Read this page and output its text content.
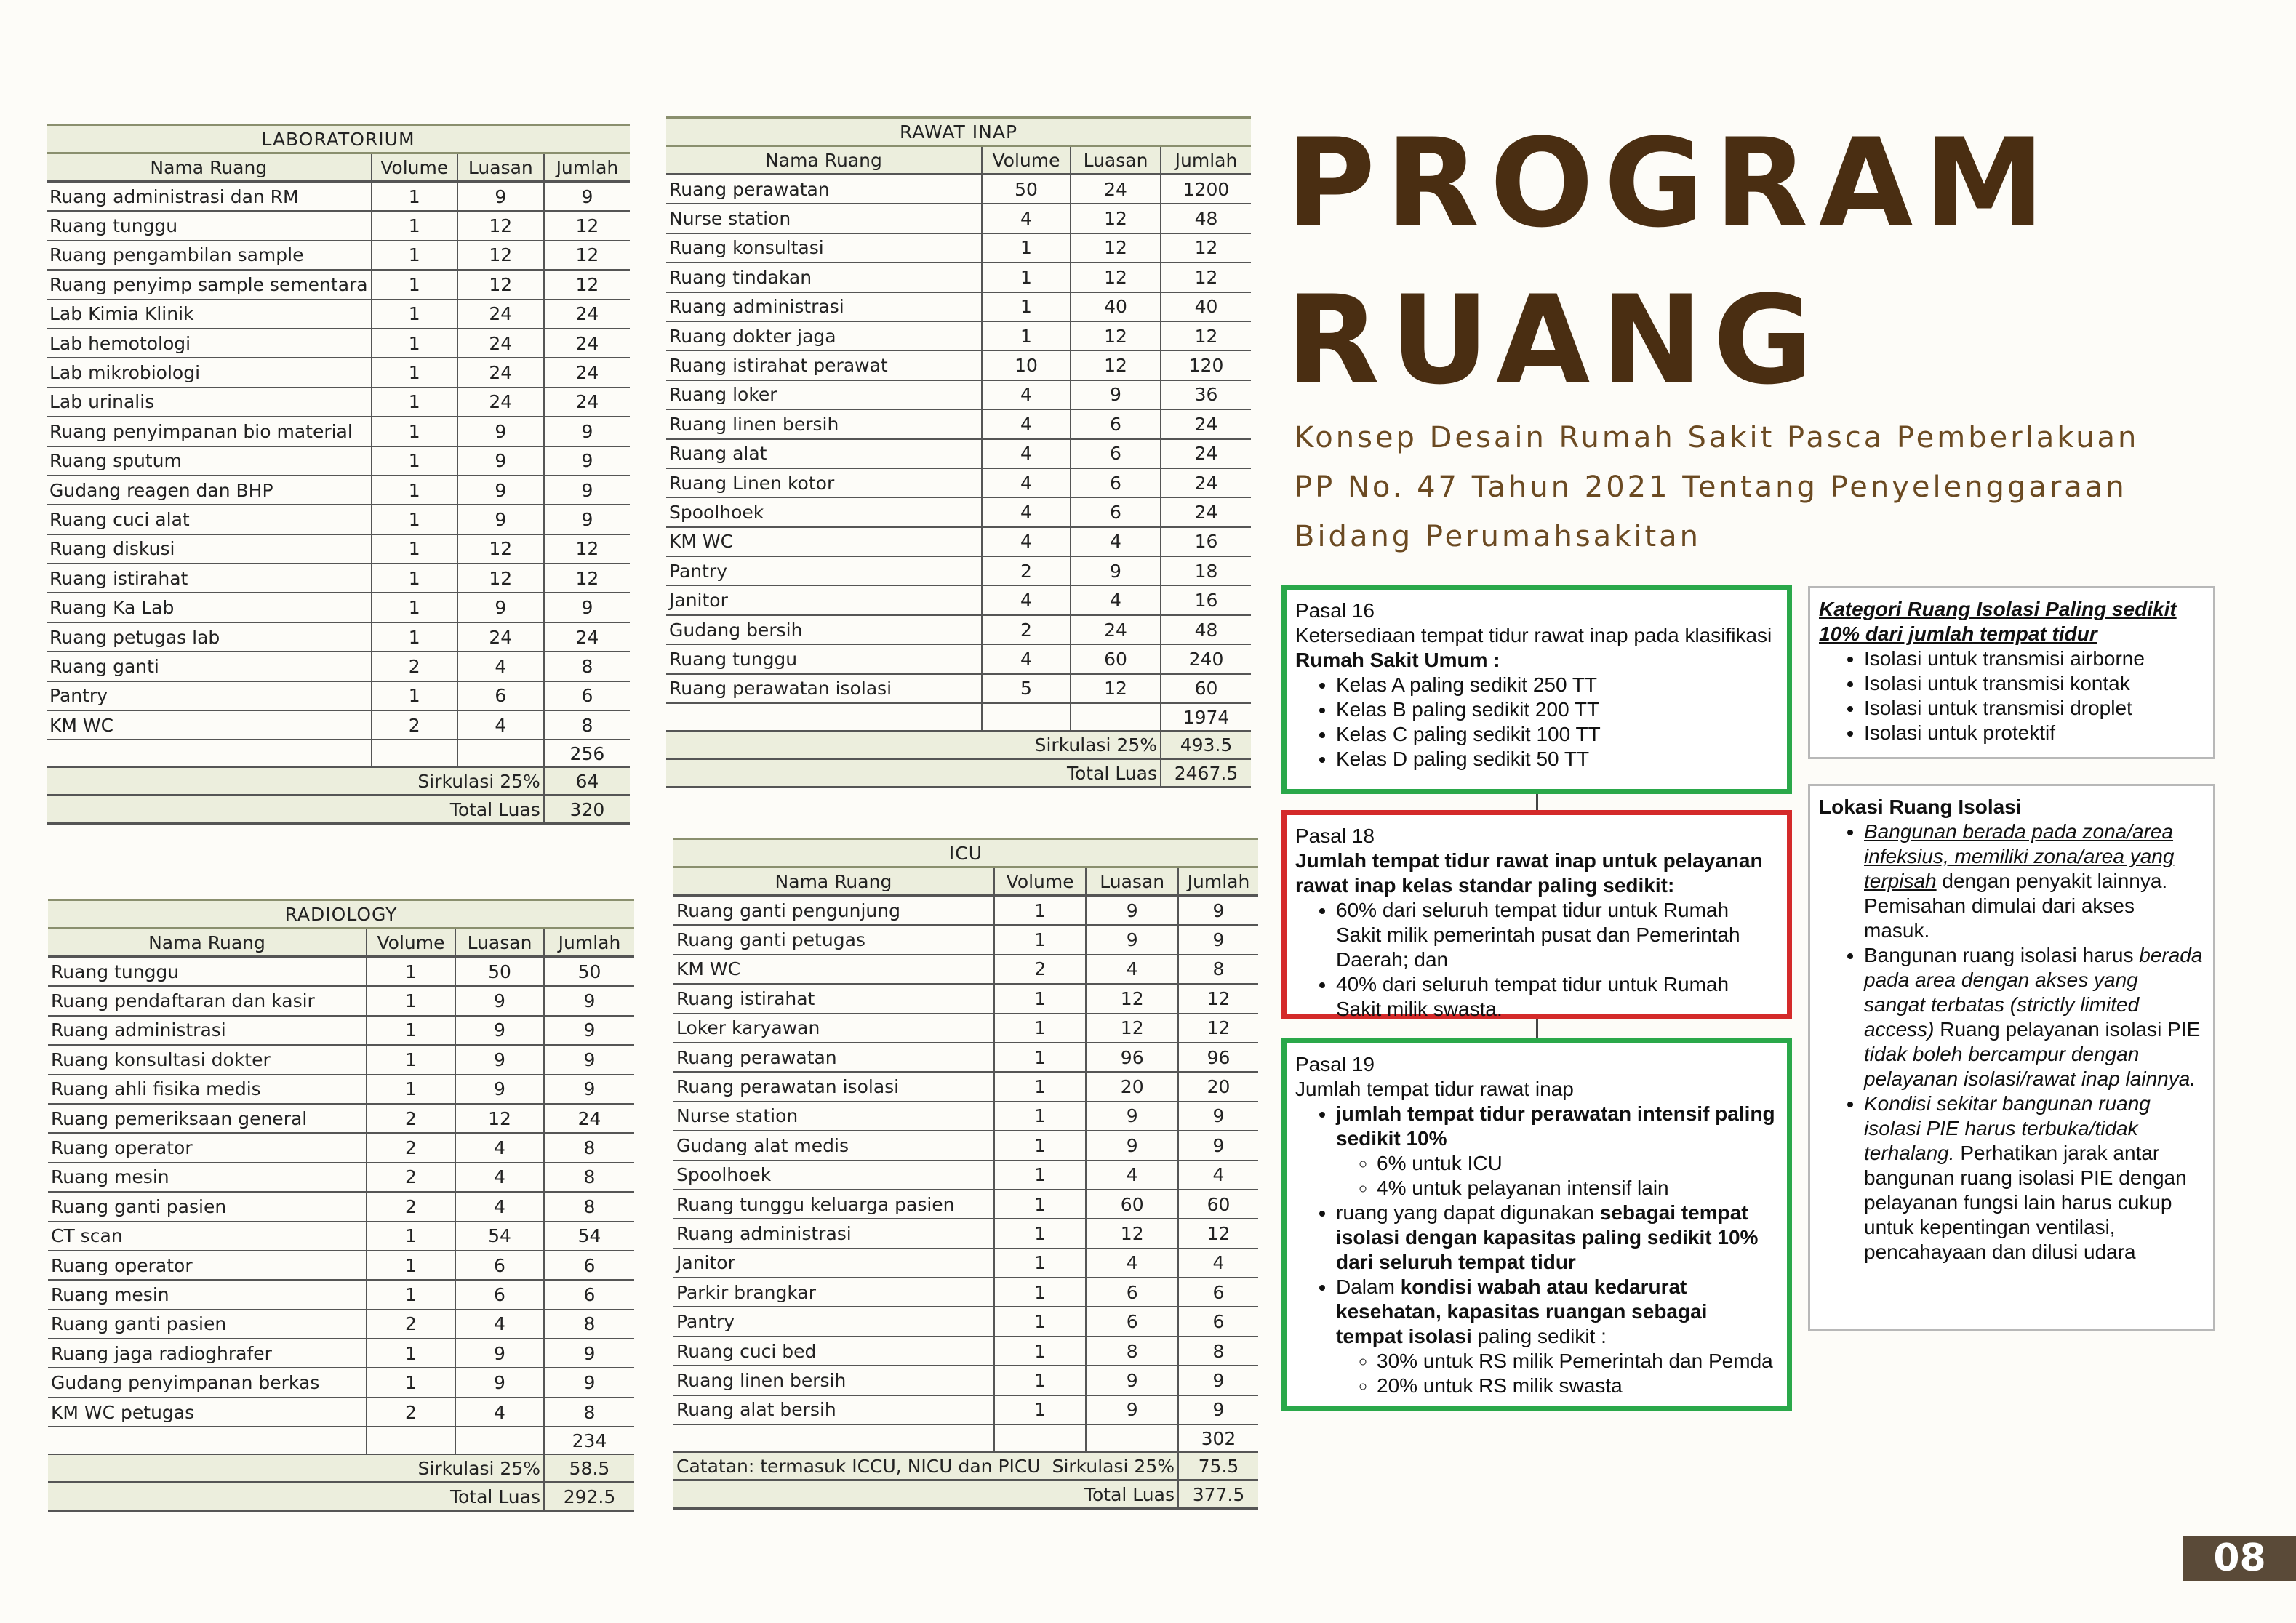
LABORATORIUM			
Nama Ruang	Volume	Luasan	Jumlah
Ruang administrasi dan RM	1	9	9
Ruang tunggu	1	12	12
Ruang pengambilan sample	1	12	12
Ruang penyimp sample sementara	1	12	12
Lab Kimia Klinik	1	24	24
Lab hemotologi	1	24	24
Lab mikrobiologi	1	24	24
Lab urinalis	1	24	24
Ruang penyimpanan bio material	1	9	9
Ruang sputum	1	9	9
Gudang reagen dan BHP	1	9	9
Ruang cuci alat	1	9	9
Ruang diskusi	1	12	12
Ruang istirahat	1	12	12
Ruang Ka Lab	1	9	9
Ruang petugas lab	1	24	24
Ruang ganti	2	4	8
Pantry	1	6	6
KM WC	2	4	8
			256
Sirkulasi 25%			64
Total Luas			320
RAWAT INAP			
Nama Ruang	Volume	Luasan	Jumlah
Ruang perawatan	50	24	1200
Nurse station	4	12	48
Ruang konsultasi	1	12	12
Ruang tindakan	1	12	12
Ruang administrasi	1	40	40
Ruang dokter jaga	1	12	12
Ruang istirahat perawat	10	12	120
Ruang loker	4	9	36
Ruang linen bersih	4	6	24
Ruang alat	4	6	24
Ruang Linen kotor	4	6	24
Spoolhoek	4	6	24
KM WC	4	4	16
Pantry	2	9	18
Janitor	4	4	16
Gudang bersih	2	24	48
Ruang tunggu	4	60	240
Ruang perawatan isolasi	5	12	60
			1974
Sirkulasi 25%			493.5
Total Luas			2467.5
RADIOLOGY			
Nama Ruang	Volume	Luasan	Jumlah
Ruang tunggu	1	50	50
Ruang pendaftaran dan kasir	1	9	9
Ruang administrasi	1	9	9
Ruang konsultasi dokter	1	9	9
Ruang ahli fisika medis	1	9	9
Ruang pemeriksaan general	2	12	24
Ruang operator	2	4	8
Ruang mesin	2	4	8
Ruang ganti pasien	2	4	8
CT scan	1	54	54
Ruang operator	1	6	6
Ruang mesin	1	6	6
Ruang ganti pasien	2	4	8
Ruang jaga radioghrafer	1	9	9
Gudang penyimpanan berkas	1	9	9
KM WC petugas	2	4	8
			234
Sirkulasi 25%			58.5
Total Luas			292.5
ICU			
Nama Ruang	Volume	Luasan	Jumlah
Ruang ganti pengunjung	1	9	9
Ruang ganti petugas	1	9	9
KM WC	2	4	8
Ruang istirahat	1	12	12
Loker karyawan	1	12	12
Ruang perawatan	1	96	96
Ruang perawatan isolasi	1	20	20
Nurse station	1	9	9
Gudang alat medis	1	9	9
Spoolhoek	1	4	4
Ruang tunggu keluarga pasien	1	60	60
Ruang administrasi	1	12	12
Janitor	1	4	4
Parkir brangkar	1	6	6
Pantry	1	6	6
Ruang cuci bed	1	8	8
Ruang linen bersih	1	9	9
Ruang alat bersih	1	9	9
			302
Catatan: termasuk ICCU, NICU dan PICU Sirkulasi 25%			75.5
Total Luas			377.5
PROGRAM
RUANG
Konsep Desain Rumah Sakit Pasca Pemberlakuan PP No. 47 Tahun 2021 Tentang Penyelenggaraan Bidang Perumahsakitan
Pasal 16
Ketersediaan tempat tidur rawat inap pada klasifikasi
Rumah Sakit Umum :
• Kelas A paling sedikit 250 TT
• Kelas B paling sedikit 200 TT
• Kelas C paling sedikit 100 TT
• Kelas D paling sedikit 50 TT
Pasal 18
Jumlah tempat tidur rawat inap untuk pelayanan rawat inap kelas standar paling sedikit:
• 60% dari seluruh tempat tidur untuk Rumah Sakit milik pemerintah pusat dan Pemerintah Daerah; dan
• 40% dari seluruh tempat tidur untuk Rumah Sakit milik swasta.
Pasal 19
Jumlah tempat tidur rawat inap
• jumlah tempat tidur perawatan intensif paling sedikit 10%
◦ 6% untuk ICU
◦ 4% untuk pelayanan intensif lain
• ruang yang dapat digunakan sebagai tempat isolasi dengan kapasitas paling sedikit 10% dari seluruh tempat tidur
• Dalam kondisi wabah atau kedarurat kesehatan, kapasitas ruangan sebagai tempat isolasi paling sedikit :
◦ 30% untuk RS milik Pemerintah dan Pemda
◦ 20% untuk RS milik swasta
Kategori Ruang Isolasi Paling sedikit 10% dari jumlah tempat tidur
• Isolasi untuk transmisi airborne
• Isolasi untuk transmisi kontak
• Isolasi untuk transmisi droplet
• Isolasi untuk protektif
Lokasi Ruang Isolasi
• Bangunan berada pada zona/area infeksius, memiliki zona/area yang terpisah dengan penyakit lainnya. Pemisahan dimulai dari akses masuk.
• Bangunan ruang isolasi harus berada pada area dengan akses yang sangat terbatas (strictly limited access) Ruang pelayanan isolasi PIE tidak boleh bercampur dengan pelayanan isolasi/rawat inap lainnya.
• Kondisi sekitar bangunan ruang isolasi PIE harus terbuka/tidak terhalang. Perhatikan jarak antar bangunan ruang isolasi PIE dengan pelayanan fungsi lain harus cukup untuk kepentingan ventilasi, pencahayaan dan dilusi udara
08
